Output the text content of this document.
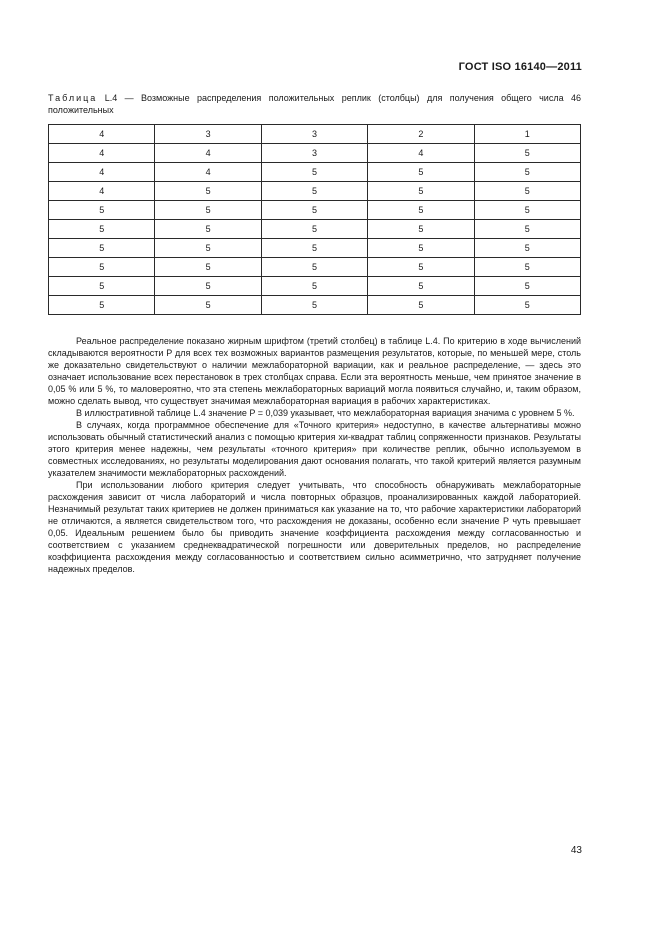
ГОСТ ISO 16140—2011
Таблица L.4 — Возможные распределения положительных реплик (столбцы) для получения общего числа 46 положительных
4	3	3	2	1
4	4	3	4	5
4	4	5	5	5
4	5	5	5	5
5	5	5	5	5
5	5	5	5	5
5	5	5	5	5
5	5	5	5	5
5	5	5	5	5
5	5	5	5	5

Реальное распределение показано жирным шрифтом (третий столбец) в таблице L.4. По критерию в ходе вычислений складываются вероятности P для всех тех возможных вариантов размещения результатов, которые, по меньшей мере, столь же доказательно свидетельствуют о наличии межлабораторной вариации, как и реальное распределение, — здесь это означает использование всех перестановок в трех столбцах справа. Если эта вероятность меньше, чем принятое значение в 0,05 % или 5 %, то маловероятно, что эта степень межлабораторных вариаций могла появиться случайно, и, таким образом, можно сделать вывод, что существует значимая межлабораторная вариация в рабочих характеристиках.

В иллюстративной таблице L.4 значение P = 0,039 указывает, что межлабораторная вариация значима с уровнем 5 %.

В случаях, когда программное обеспечение для «Точного критерия» недоступно, в качестве альтернативы можно использовать обычный статистический анализ с помощью критерия хи-квадрат таблиц сопряженности признаков. Результаты этого критерия менее надежны, чем результаты «точного критерия» при количестве реплик, обычно используемом в совместных исследованиях, но результаты моделирования дают основания полагать, что такой критерий является разумным указателем значимости межлабораторных расхождений.

При использовании любого критерия следует учитывать, что способность обнаруживать межлабораторные расхождения зависит от числа лабораторий и числа повторных образцов, проанализированных каждой лабораторией. Незначимый результат таких критериев не должен приниматься как указание на то, что рабочие характеристики лабораторий не отличаются, а является свидетельством того, что расхождения не доказаны, особенно если значение P чуть превышает 0,05. Идеальным решением было бы приводить значение коэффициента расхождения между согласованностью и соответствием с указанием среднеквадратической погрешности или доверительных пределов, но распределение коэффициента расхождения между согласованностью и соответствием сильно асимметрично, что затрудняет получение надежных пределов.

43
